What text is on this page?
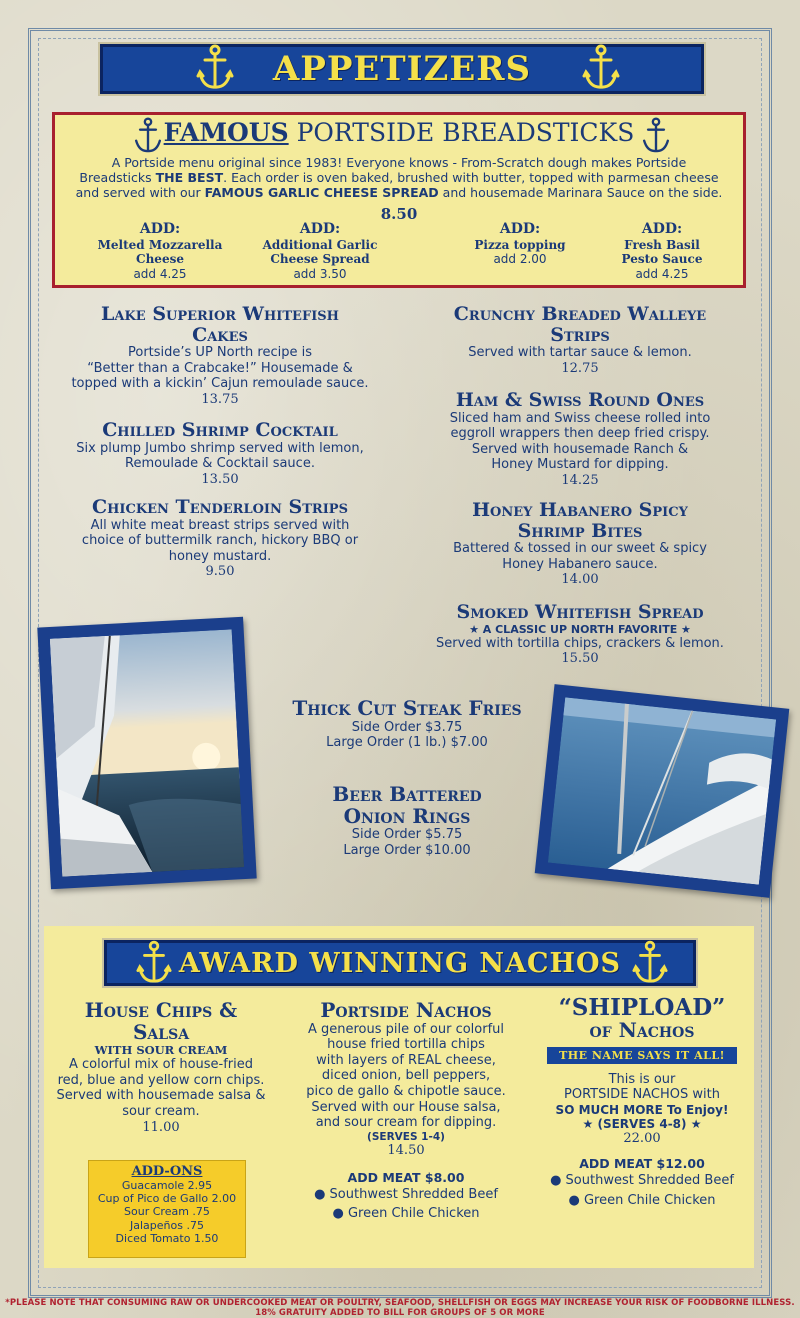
APPETIZERS
FAMOUS PORTSIDE BREADSTICKS
A Portside menu original since 1983! Everyone knows - From-Scratch dough makes Portside
Breadsticks THE BEST. Each order is oven baked, brushed with butter, topped with parmesan cheese
and served with our FAMOUS GARLIC CHEESE SPREAD and housemade Marinara Sauce on the side.
8.50
ADD:
Melted Mozzarella
Cheese
add 4.25
ADD:
Additional Garlic
Cheese Spread
add 3.50
ADD:
Pizza topping
add 2.00
ADD:
Fresh Basil
Pesto Sauce
add 4.25
Lake Superior Whitefish
Cakes
Portside’s UP North recipe is
“Better than a Crabcake!” Housemade &
topped with a kickin’ Cajun remoulade sauce.
13.75
Chilled Shrimp Cocktail
Six plump Jumbo shrimp served with lemon,
Remoulade & Cocktail sauce.
13.50
Chicken Tenderloin Strips
All white meat breast strips served with
choice of buttermilk ranch, hickory BBQ or
honey mustard.
9.50
Crunchy Breaded Walleye
Strips
Served with tartar sauce & lemon.
12.75
Ham & Swiss Round Ones
Sliced ham and Swiss cheese rolled into
eggroll wrappers then deep fried crispy.
Served with housemade Ranch &
Honey Mustard for dipping.
14.25
Honey Habanero Spicy
Shrimp Bites
Battered & tossed in our sweet & spicy
Honey Habanero sauce.
14.00
Smoked Whitefish Spread
★ A CLASSIC UP NORTH FAVORITE ★
Served with tortilla chips, crackers & lemon.
15.50
Thick Cut Steak Fries
Side Order $3.75
Large Order (1 lb.) $7.00
Beer Battered
Onion Rings
Side Order $5.75
Large Order $10.00
AWARD WINNING NACHOS
House Chips &
Salsa
WITH SOUR CREAM
A colorful mix of house-fried
red, blue and yellow corn chips.
Served with housemade salsa &
sour cream.
11.00
ADD-ONS
Guacamole 2.95
Cup of Pico de Gallo 2.00
Sour Cream .75
Jalapeños .75
Diced Tomato 1.50
Portside Nachos
A generous pile of our colorful
house fried tortilla chips
with layers of REAL cheese,
diced onion, bell peppers,
pico de gallo & chipotle sauce.
Served with our House salsa,
and sour cream for dipping.
(SERVES 1-4)
14.50
ADD MEAT $8.00
● Southwest Shredded Beef
● Green Chile Chicken
“SHIPLOAD”
of Nachos
THE NAME SAYS IT ALL!
This is our
PORTSIDE NACHOS with
SO MUCH MORE To Enjoy!
★ (SERVES 4-8) ★
22.00
ADD MEAT $12.00
● Southwest Shredded Beef
● Green Chile Chicken
*PLEASE NOTE THAT CONSUMING RAW OR UNDERCOOKED MEAT OR POULTRY, SEAFOOD, SHELLFISH OR EGGS MAY INCREASE YOUR RISK OF FOODBORNE ILLNESS. 18% GRATUITY ADDED TO BILL FOR GROUPS OF 5 OR MORE
